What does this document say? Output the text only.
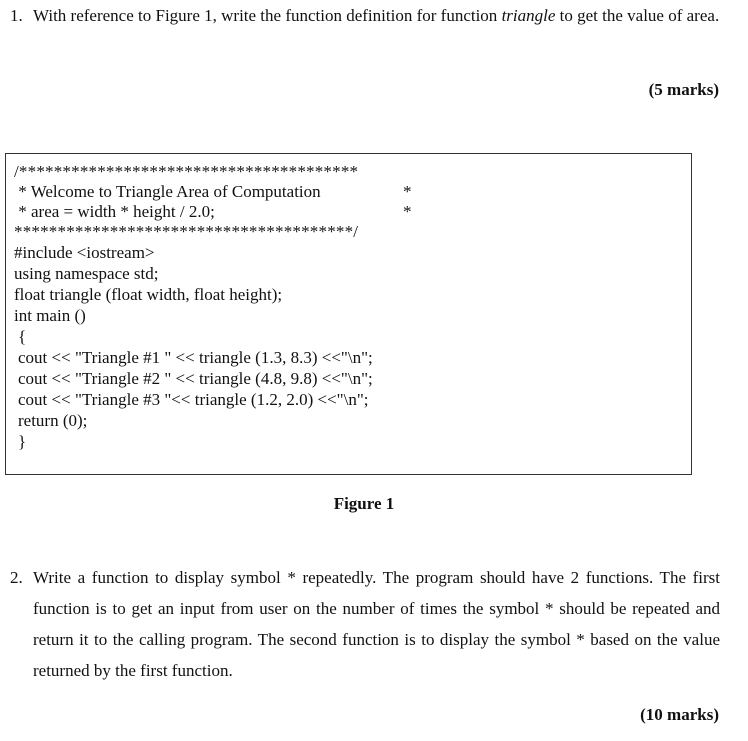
1. With reference to Figure 1, write the function definition for function triangle to get the value of area.
(5 marks)
/***************************************
* Welcome to Triangle Area of Computation
* area = width * height / 2.0;
*
*
***************************************/
#include <iostream>
using namespace std;
float triangle (float width, float height);
int main ()
{
cout << "Triangle #1 " << triangle (1.3, 8.3) <<"\n";
cout << "Triangle #2 " << triangle (4.8, 9.8) <<"\n";
cout << "Triangle #3 "<< triangle (1.2, 2.0) <<"\n";
return (0);
}
Figure 1
2. Write a function to display symbol * repeatedly. The program should have 2 functions. The first function is to get an input from user on the number of times the symbol * should be repeated and return it to the calling program. The second function is to display the symbol * based on the value returned by the first function.
(10 marks)
